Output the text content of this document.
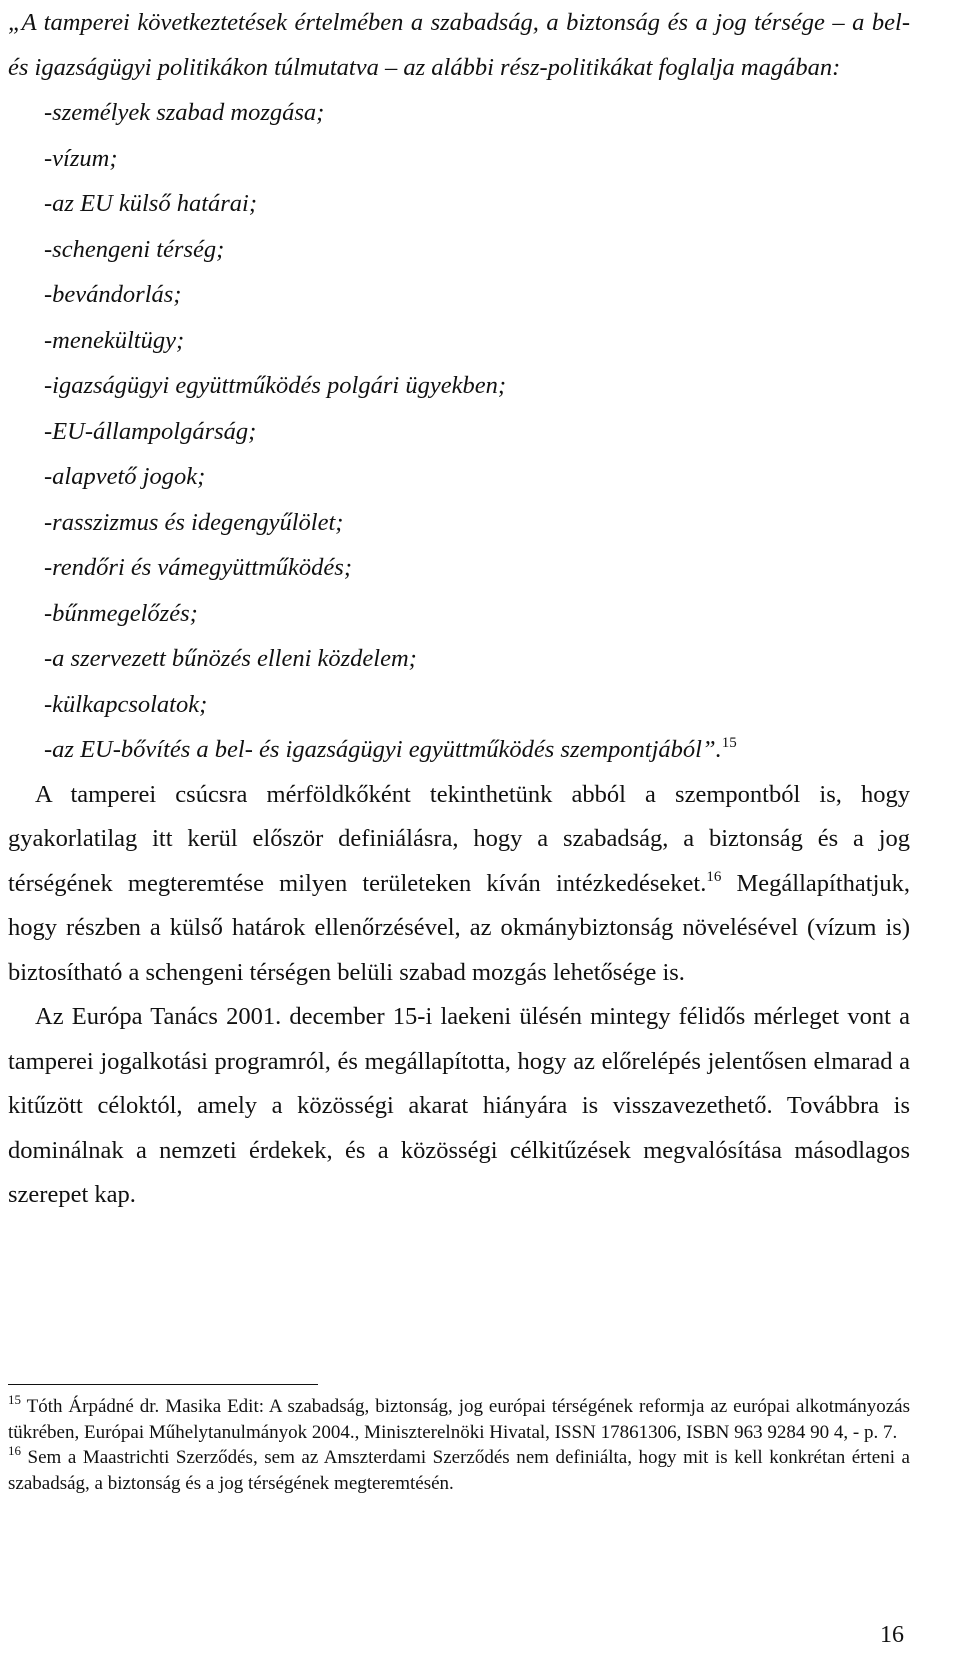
„A tamperei következtetések értelmében a szabadság, a biztonság és a jog térsége – a bel- és igazságügyi politikákon túlmutatva – az alábbi rész-politikákat foglalja magában:

-személyek szabad mozgása;
-vízum;
-az EU külső határai;
-schengeni térség;
-bevándorlás;
-menekültügy;
-igazságügyi együttműködés polgári ügyekben;
-EU-állampolgárság;
-alapvető jogok;
-rasszizmus és idegengyűlölet;
-rendőri és vámegyüttműködés;
-bűnmegelőzés;
-a szervezett bűnözés elleni közdelem;
-külkapcsolatok;
-az EU-bővítés a bel- és igazságügyi együttműködés szempontjából”.$^{15}$

A tamperei csúcsra mérföldkőként tekinthetünk abból a szempontból is, hogy gyakorlatilag itt kerül először definiálásra, hogy a szabadság, a biztonság és a jog térségének megteremtése milyen területeken kíván intézkedéseket.$^{16}$ Megállapíthatjuk, hogy részben a külső határok ellenőrzésével, az okmánybiztonság növelésével (vízum is) biztosítható a schengeni térségen belüli szabad mozgás lehetősége is.

Az Európa Tanács 2001. december 15-i laekeni ülésén mintegy félidős mérleget vont a tamperei jogalkotási programról, és megállapította, hogy az előrelépés jelentősen elmarad a kitűzött céloktól, amely a közösségi akarat hiányára is visszavezethető. Továbbra is dominálnak a nemzeti érdekek, és a közösségi célkitűzések megvalósítása másodlagos szerepet kap.

$^{15}$ Tóth Árpádné dr. Masika Edit: A szabadság, biztonság, jog európai térségének reformja az európai alkotmányozás tükrében, Európai Műhelytanulmányok 2004., Miniszterelnöki Hivatal, ISSN 17861306, ISBN 963 9284 90 4, - p. 7.

$^{16}$ Sem a Maastrichti Szerződés, sem az Amszterdami Szerződés nem definiálta, hogy mit is kell konkrétan érteni a szabadság, a biztonság és a jog térségének megteremtésén.

16
